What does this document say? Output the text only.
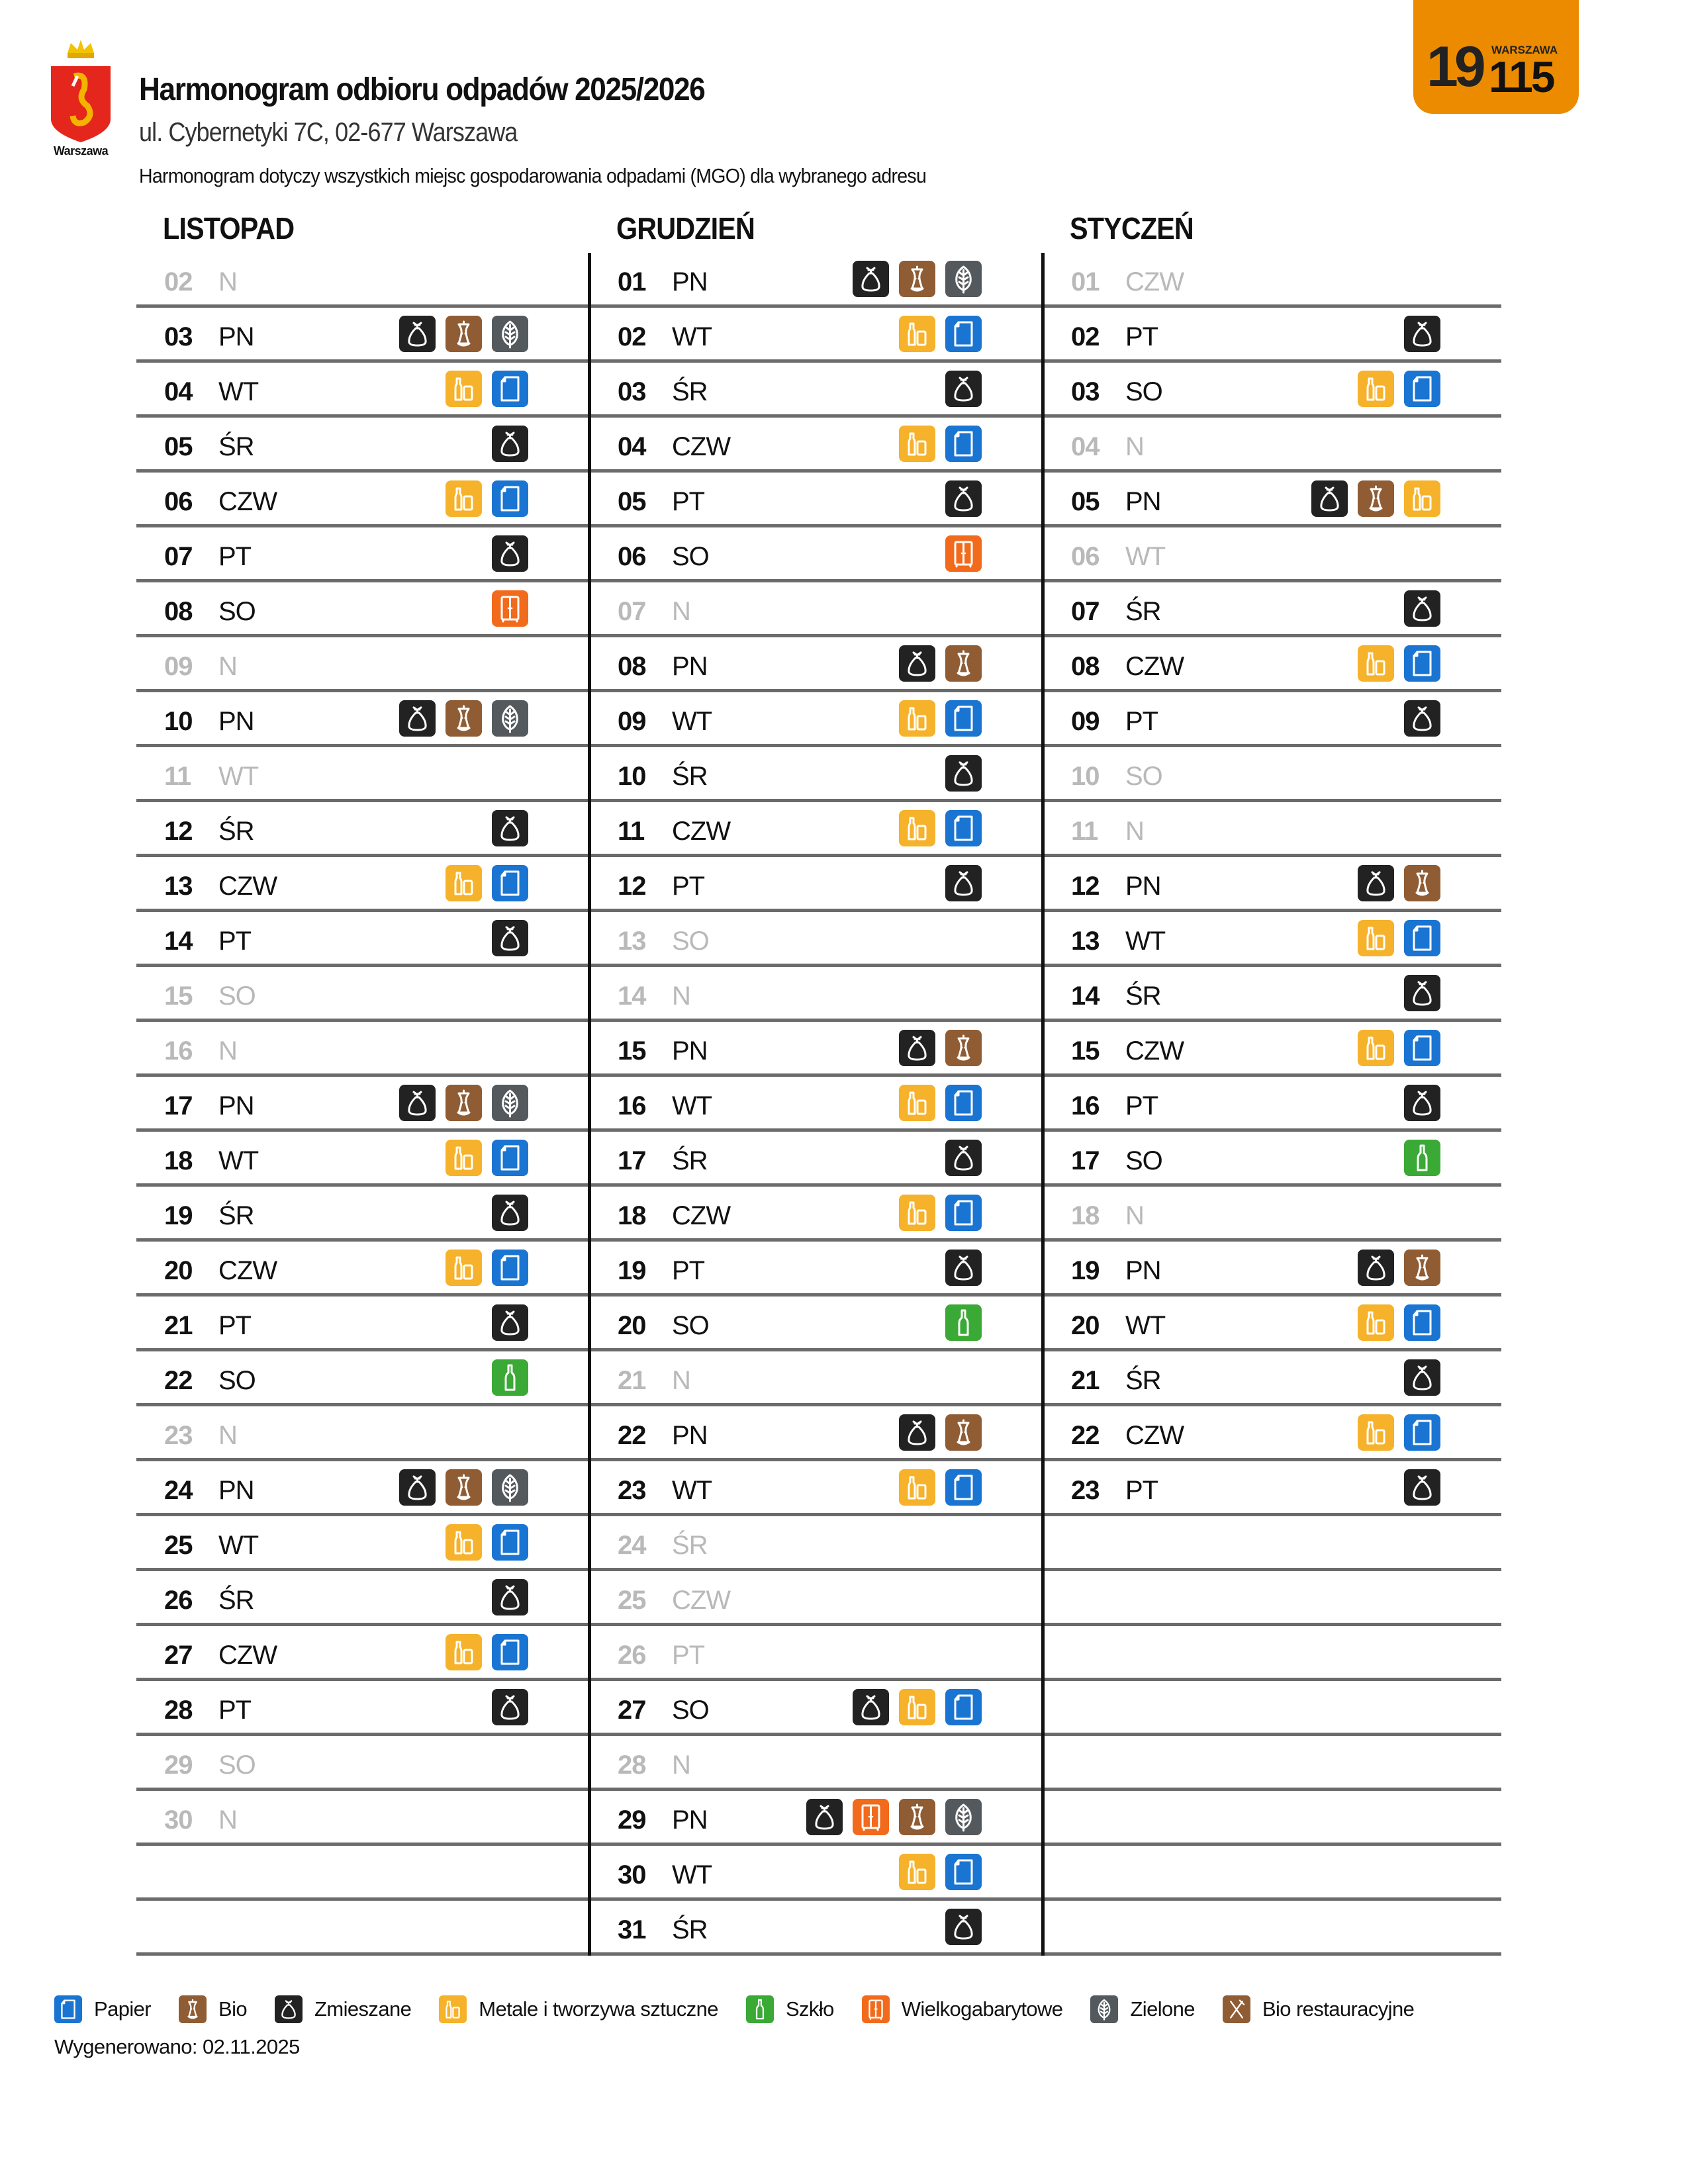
Warszawa
Harmonogram odbioru odpadów 2025/2026
ul. Cybernetyki 7C, 02-677 Warszawa
Harmonogram dotyczy wszystkich miejsc gospodarowania odpadami (MGO) dla wybranego adresu
19 WARSZAWA
115
LISTOPAD
02 N
03 PN
04 WT
05 ŚR
06 CZW
07 PT
08 SO
09 N
10 PN
11 WT
12 ŚR
13 CZW
14 PT
15 SO
16 N
17 PN
18 WT
19 ŚR
20 CZW
21 PT
22 SO
23 N
24 PN
25 WT
26 ŚR
27 CZW
28 PT
29 SO
30 N
GRUDZIEŃ
01 PN
02 WT
03 ŚR
04 CZW
05 PT
06 SO
07 N
08 PN
09 WT
10 ŚR
11 CZW
12 PT
13 SO
14 N
15 PN
16 WT
17 ŚR
18 CZW
19 PT
20 SO
21 N
22 PN
23 WT
24 ŚR
25 CZW
26 PT
27 SO
28 N
29 PN
30 WT
31 ŚR
STYCZEŃ
01 CZW
02 PT
03 SO
04 N
05 PN
06 WT
07 ŚR
08 CZW
09 PT
10 SO
11 N
12 PN
13 WT
14 ŚR
15 CZW
16 PT
17 SO
18 N
19 PN
20 WT
21 ŚR
22 CZW
23 PT
Papier	Bio	Zmieszane	Metale i tworzywa sztuczne	Szkło	Wielkogabarytowe	Zielone	Bio restauracyjne
Wygenerowano: 02.11.2025
